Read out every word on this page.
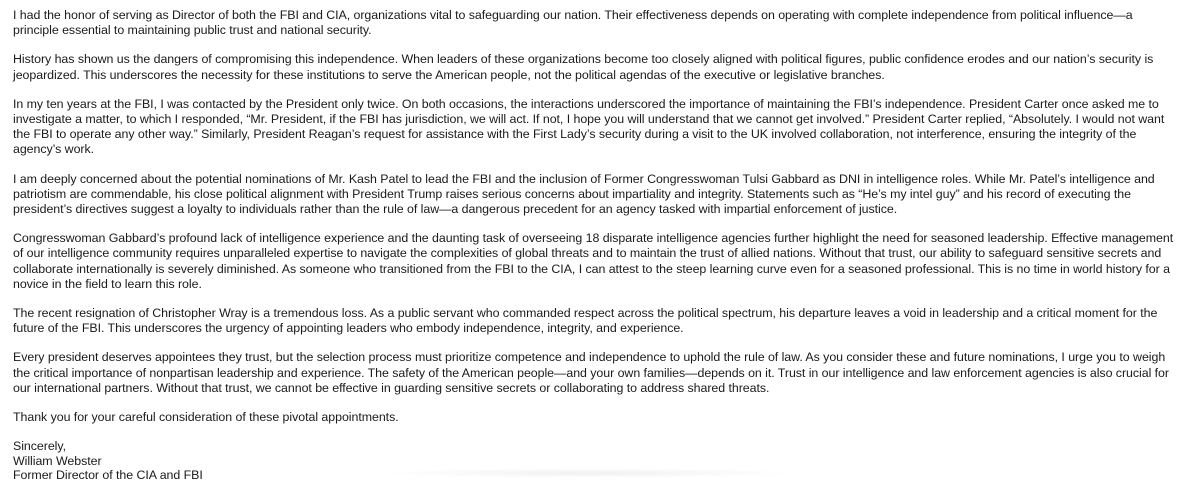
I had the honor of serving as Director of both the FBI and CIA, organizations vital to safeguarding our nation. Their effectiveness depends on operating with complete independence from political influence—a principle essential to maintaining public trust and national security.

History has shown us the dangers of compromising this independence. When leaders of these organizations become too closely aligned with political figures, public confidence erodes and our nation’s security is jeopardized. This underscores the necessity for these institutions to serve the American people, not the political agendas of the executive or legislative branches.

In my ten years at the FBI, I was contacted by the President only twice. On both occasions, the interactions underscored the importance of maintaining the FBI’s independence. President Carter once asked me to investigate a matter, to which I responded, “Mr. President, if the FBI has jurisdiction, we will act. If not, I hope you will understand that we cannot get involved.” President Carter replied, “Absolutely. I would not want the FBI to operate any other way.” Similarly, President Reagan’s request for assistance with the First Lady’s security during a visit to the UK involved collaboration, not interference, ensuring the integrity of the agency’s work.

I am deeply concerned about the potential nominations of Mr. Kash Patel to lead the FBI and the inclusion of Former Congresswoman Tulsi Gabbard as DNI in intelligence roles. While Mr. Patel’s intelligence and patriotism are commendable, his close political alignment with President Trump raises serious concerns about impartiality and integrity. Statements such as “He’s my intel guy” and his record of executing the president’s directives suggest a loyalty to individuals rather than the rule of law—a dangerous precedent for an agency tasked with impartial enforcement of justice.

Congresswoman Gabbard’s profound lack of intelligence experience and the daunting task of overseeing 18 disparate intelligence agencies further highlight the need for seasoned leadership. Effective management of our intelligence community requires unparalleled expertise to navigate the complexities of global threats and to maintain the trust of allied nations. Without that trust, our ability to safeguard sensitive secrets and collaborate internationally is severely diminished. As someone who transitioned from the FBI to the CIA, I can attest to the steep learning curve even for a seasoned professional. This is no time in world history for a novice in the field to learn this role.

The recent resignation of Christopher Wray is a tremendous loss. As a public servant who commanded respect across the political spectrum, his departure leaves a void in leadership and a critical moment for the future of the FBI. This underscores the urgency of appointing leaders who embody independence, integrity, and experience.

Every president deserves appointees they trust, but the selection process must prioritize competence and independence to uphold the rule of law. As you consider these and future nominations, I urge you to weigh the critical importance of nonpartisan leadership and experience. The safety of the American people—and your own families—depends on it. Trust in our intelligence and law enforcement agencies is also crucial for our international partners. Without that trust, we cannot be effective in guarding sensitive secrets or collaborating to address shared threats.

Thank you for your careful consideration of these pivotal appointments.

Sincerely,
William Webster
Former Director of the CIA and FBI
